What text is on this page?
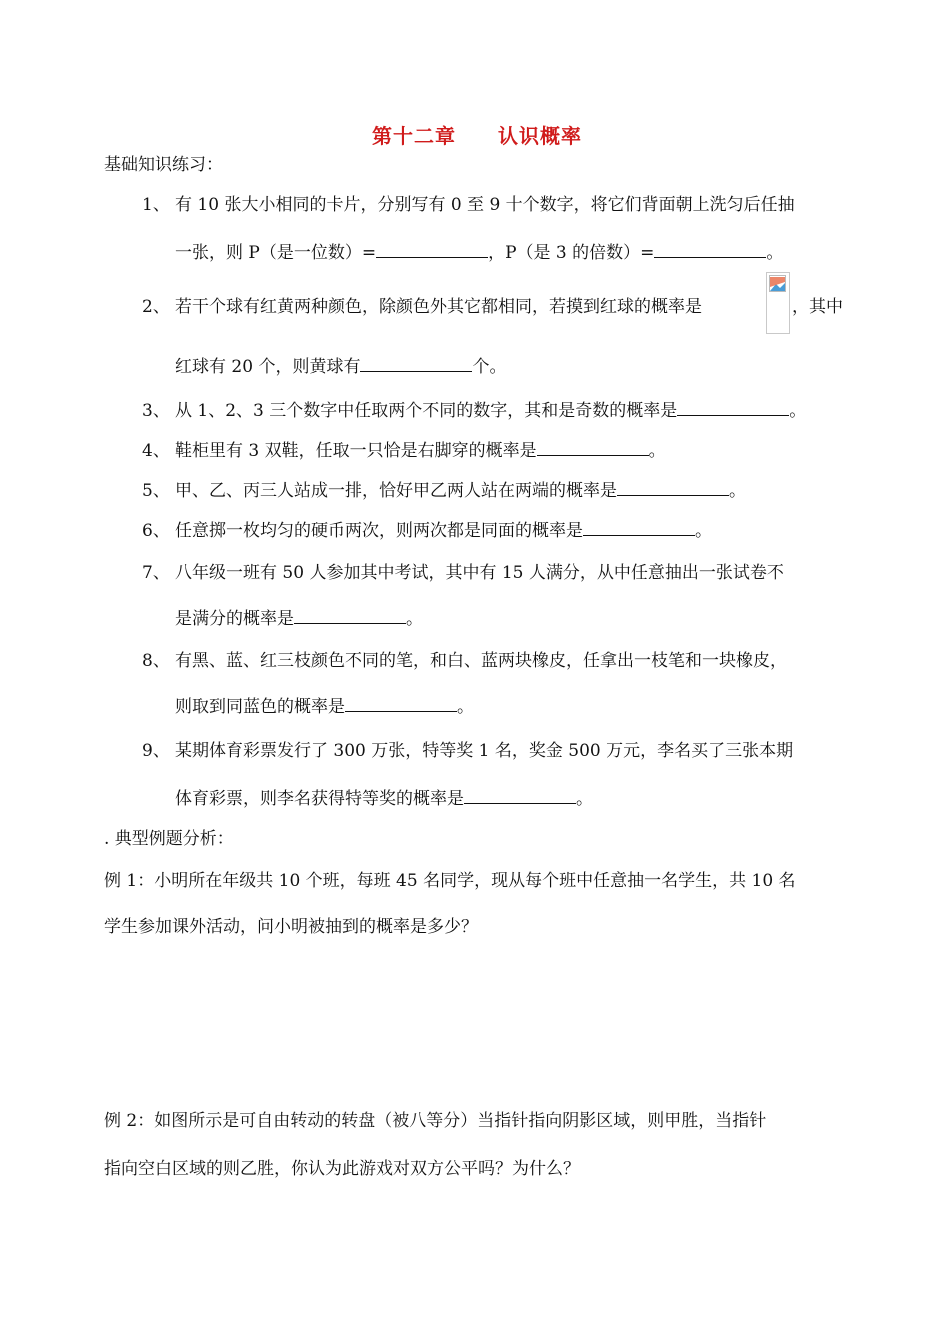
第十二章　　认识概率
基础知识练习：
1、 有 10 张大小相同的卡片，分别写有 0 至 9 十个数字，将它们背面朝上洗匀后任抽
一张，则 P（是一位数）=	，P（是 3 的倍数）=	。
2、 若干个球有红黄两种颜色，除颜色外其它都相同，若摸到红球的概率是	，其中
红球有 20 个，则黄球有	个。
3、 从 1、2、3 三个数字中任取两个不同的数字，其和是奇数的概率是	。
4、 鞋柜里有 3 双鞋，任取一只恰是右脚穿的概率是	。
5、 甲、乙、丙三人站成一排，恰好甲乙两人站在两端的概率是	。
6、 任意掷一枚均匀的硬币两次，则两次都是同面的概率是	。
7、 八年级一班有 50 人参加其中考试，其中有 15 人满分，从中任意抽出一张试卷不
是满分的概率是	。
8、 有黑、蓝、红三枝颜色不同的笔，和白、蓝两块橡皮，任拿出一枝笔和一块橡皮，
则取到同蓝色的概率是	。
9、 某期体育彩票发行了 300 万张，特等奖 1 名，奖金 500 万元，李名买了三张本期
体育彩票，则李名获得特等奖的概率是	。
. 典型例题分析：
例 1：小明所在年级共 10 个班，每班 45 名同学，现从每个班中任意抽一名学生，共 10 名
学生参加课外活动，问小明被抽到的概率是多少？
例 2：如图所示是可自由转动的转盘（被八等分）当指针指向阴影区域，则甲胜，当指针
指向空白区域的则乙胜，你认为此游戏对双方公平吗？为什么？
